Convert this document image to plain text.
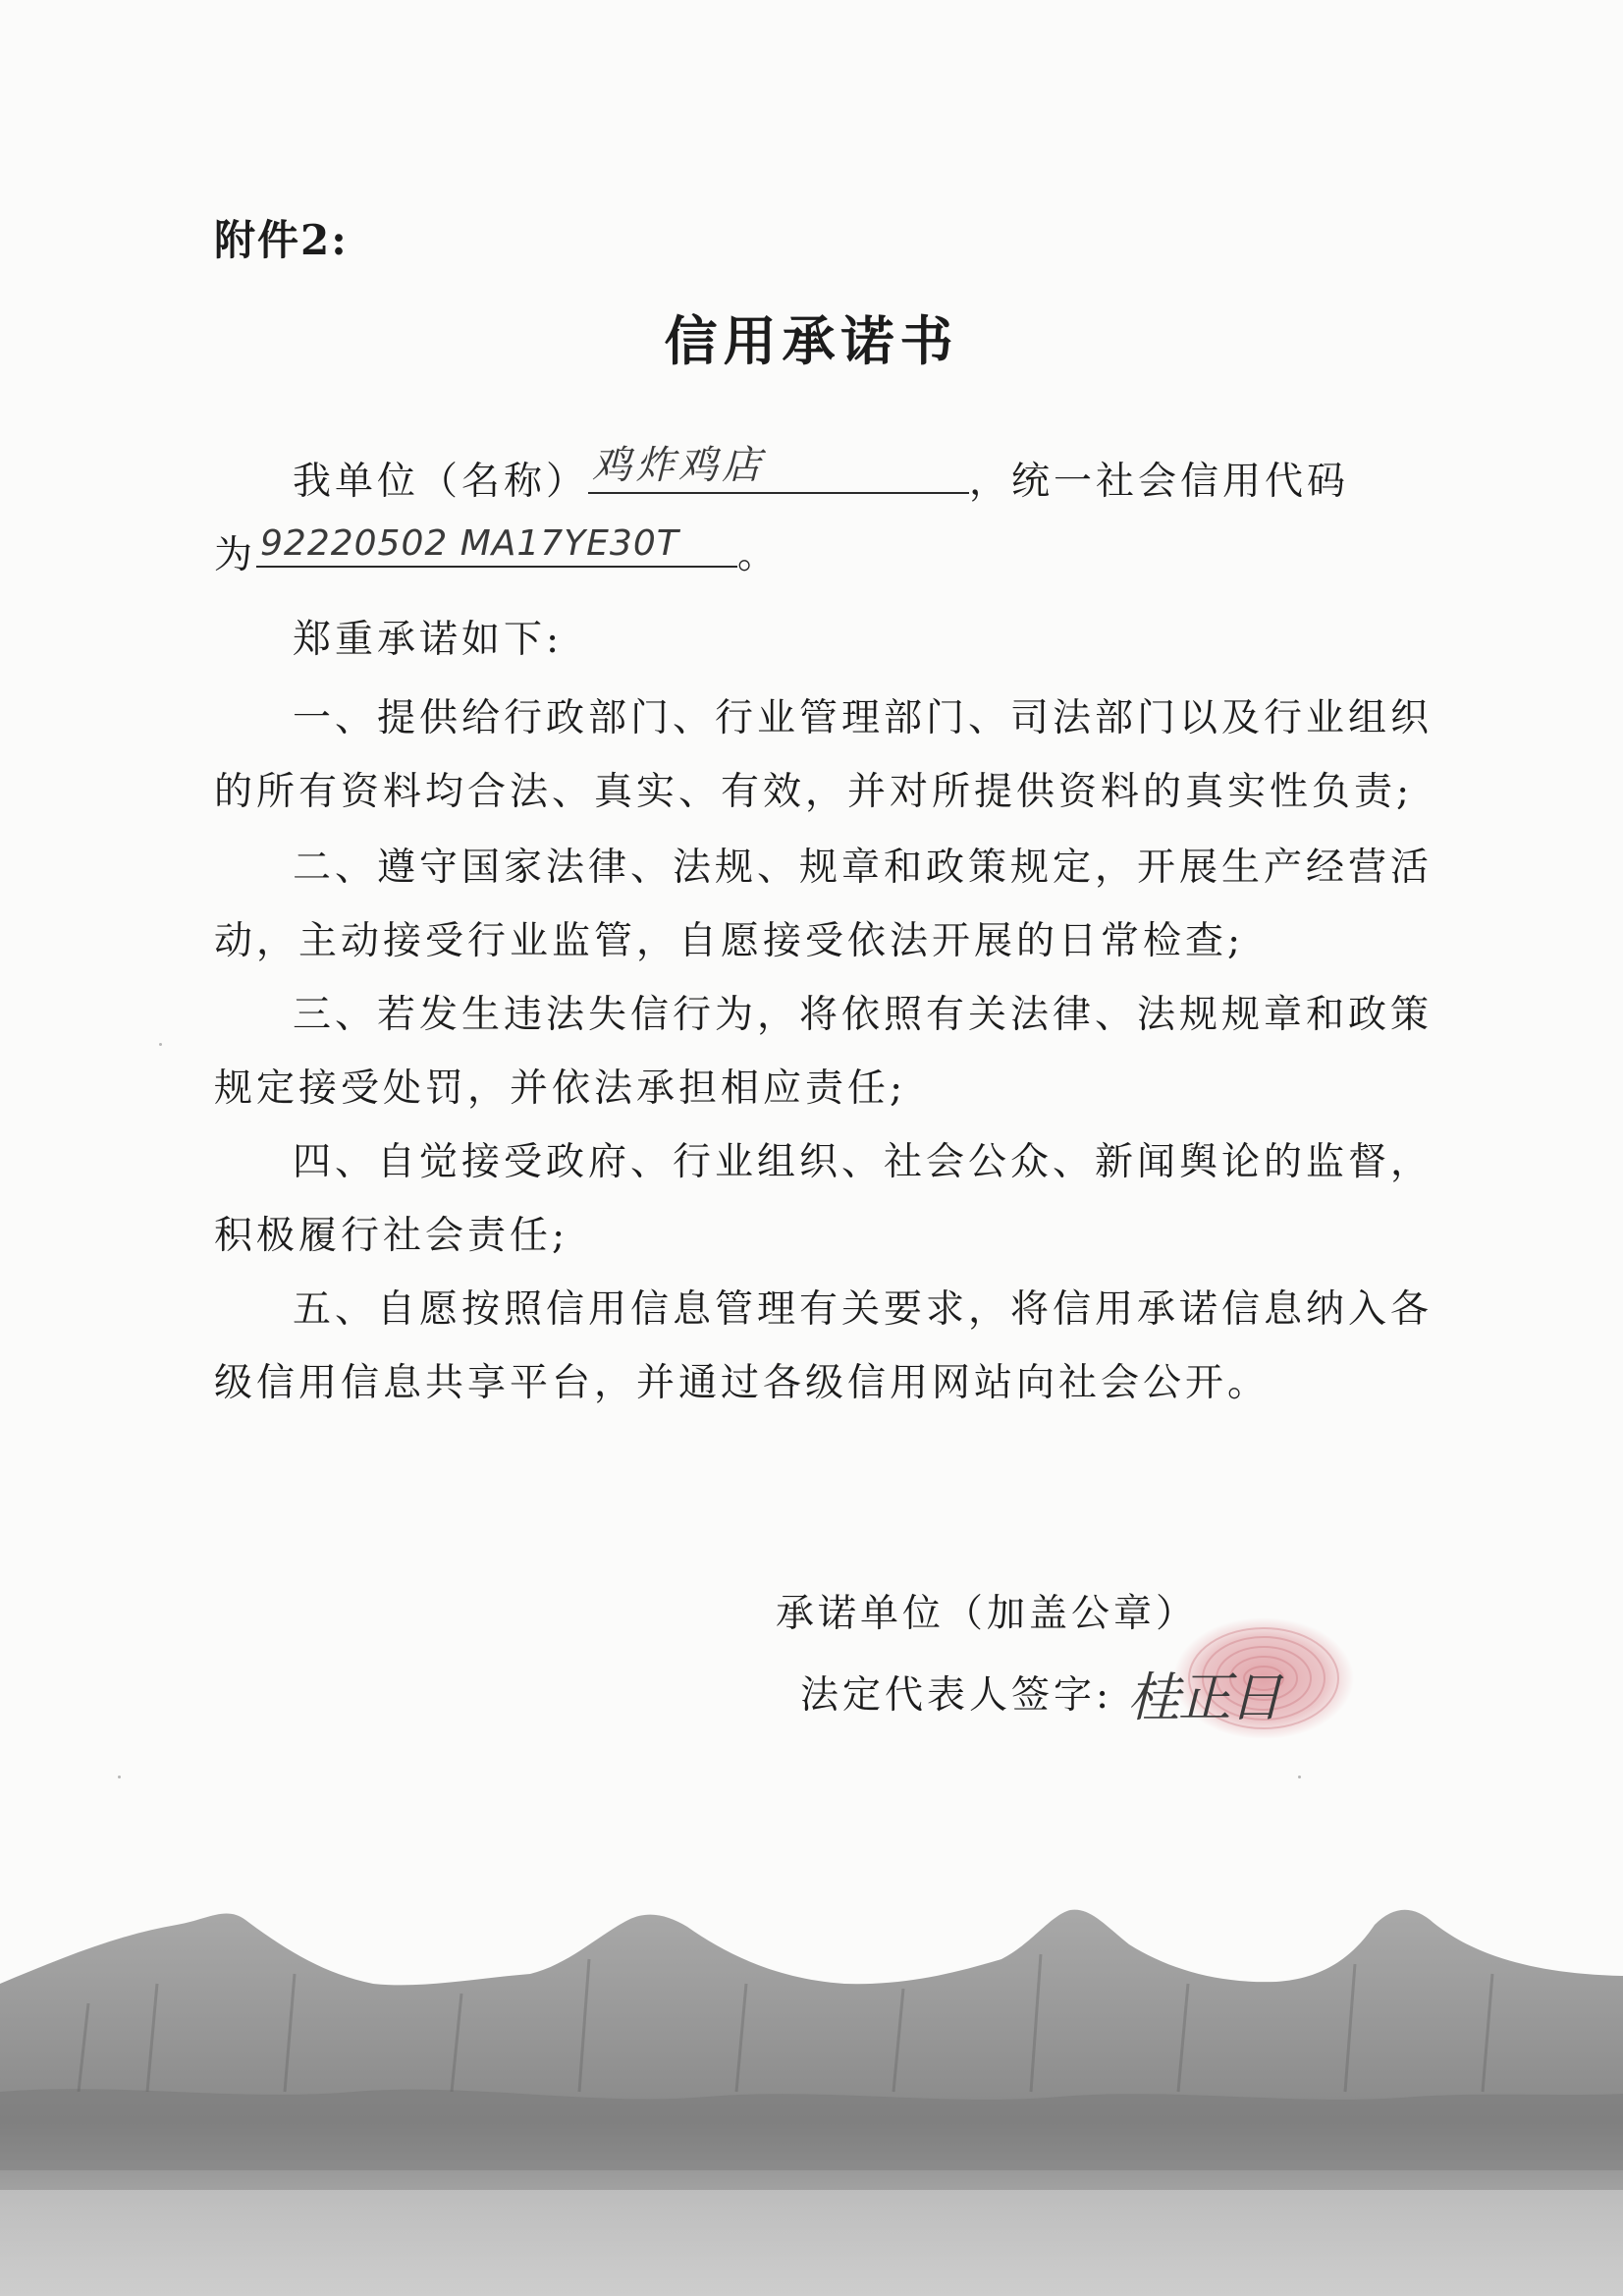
附件2:
信用承诺书
我单位（名称） 鸡炸鸡店	，统一社会信用代码
为 92220502 MA17YE30T 。
郑重承诺如下:
一、提供给行政部门、行业管理部门、司法部门以及行业组织
的所有资料均合法、真实、有效，并对所提供资料的真实性负责;
二、遵守国家法律、法规、规章和政策规定，开展生产经营活
动，主动接受行业监管，自愿接受依法开展的日常检查;
三、若发生违法失信行为，将依照有关法律、法规规章和政策
规定接受处罚，并依法承担相应责任;
四、自觉接受政府、行业组织、社会公众、新闻舆论的监督，
积极履行社会责任;
五、自愿按照信用信息管理有关要求，将信用承诺信息纳入各
级信用信息共享平台，并通过各级信用网站向社会公开。
承诺单位（加盖公章）
法定代表人签字: 桂正日
